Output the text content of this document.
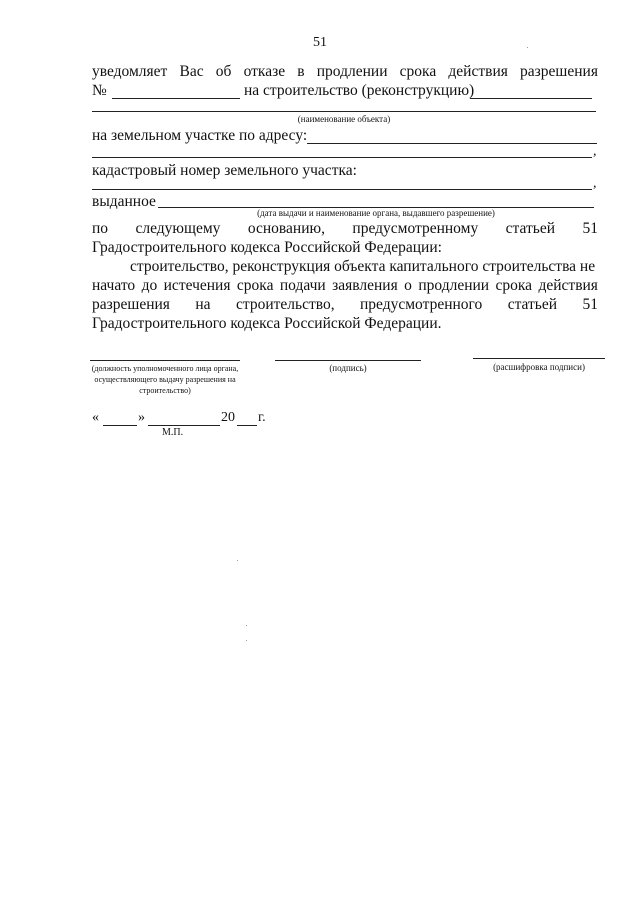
51
уведомляет Вас об отказе в продлении срока действия разрешения
№	на строительство (реконструкцию)
(наименование объекта)
на земельном участке по адресу:
,
кадастровый номер земельного участка:
,
выданное
(дата выдачи и наименование органа, выдавшего разрешение)
по следующему основанию, предусмотренному статьей 51
Градостроительного кодекса Российской Федерации:
строительство, реконструкция объекта капитального строительства не
начато до истечения срока подачи заявления о продлении срока действия
разрешения на строительство, предусмотренного статьей 51
Градостроительного кодекса Российской Федерации.
(должность уполномоченного лица органа, осуществляющего выдачу разрешения на строительство)
(подпись)	(расшифровка подписи)
«	»	20 г.
М.П.
